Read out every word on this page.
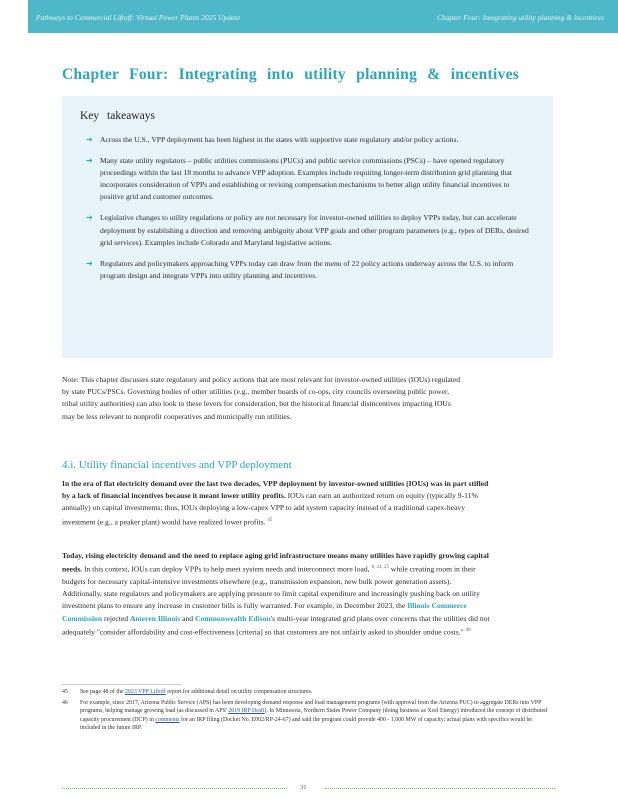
Pathways to Commercial Liftoff: Virtual Power Plants 2025 Update	Chapter Four: Integrating utility planning & incentives
Chapter Four: Integrating into utility planning & incentives
Key takeaways
➔ Across the U.S., VPP deployment has been highest in the states with supportive state regulatory and/or policy actions.
➔ Many state utility regulators – public utilities commissions (PUCs) and public service commissions (PSCs) – have opened regulatory proceedings within the last 18 months to advance VPP adoption. Examples include requiring longer-term distribution grid planning that incorporates consideration of VPPs and establishing or revising compensation mechanisms to better align utility financial incentives to positive grid and customer outcomes.
➔ Legislative changes to utility regulations or policy are not necessary for investor-owned utilities to deploy VPPs today, but can accelerate deployment by establishing a direction and removing ambiguity about VPP goals and other program parameters (e.g., types of DERs, desired grid services). Examples include Colorado and Maryland legislative actions.
➔ Regulators and policymakers approaching VPPs today can draw from the menu of 22 policy actions underway across the U.S. to inform program design and integrate VPPs into utility planning and incentives.
Note: This chapter discusses state regulatory and policy actions that are most relevant for investor-owned utilities (IOUs) regulated by state PUCs/PSCs. Governing bodies of other utilities (e.g., member boards of co-ops, city councils overseeing public power, tribal utility authorities) can also look to these levers for consideration, but the historical financial disincentives impacting IOUs may be less relevant to nonprofit cooperatives and municipally run utilities.
4.i. Utility financial incentives and VPP deployment
In the era of flat electricity demand over the last two decades, VPP deployment by investor-owned utilities (IOUs) was in part stifled by a lack of financial incentives because it meant lower utility profits. IOUs can earn an authorized return on equity (typically 9-11% annually) on capital investments; thus, IOUs deploying a low-capex VPP to add system capacity instead of a traditional capex-heavy investment (e.g., a peaker plant) would have realized lower profits. $^{45}$
Today, rising electricity demand and the need to replace aging grid infrastructure means many utilities have rapidly growing capital needs. In this context, IOUs can deploy VPPs to help meet system needs and interconnect more load, $^{8, 24, 25}$ while creating room in their budgets for necessary capital-intensive investments elsewhere (e.g., transmission expansion, new bulk power generation assets). Additionally, state regulators and policymakers are applying pressure to limit capital expenditure and increasingly pushing back on utility investment plans to ensure any increase in customer bills is fully warranted. For example, in December 2023, the Illinois Commerce Commission rejected Ameren Illinois and Commonwealth Edison's multi-year integrated grid plans over concerns that the utilities did not adequately "consider affordability and cost-effectiveness [criteria] so that customers are not unfairly asked to shoulder undue costs." $^{46}$
45 See page 48 of the 2023 VPP Liftoff report for additional detail on utility compensation structures.
46 For example, since 2017, Arizona Public Service (APS) has been developing demand response and load management programs (with approval from the Arizona PUC) to aggregate DERs into VPP programs, helping manage growing load (as discussed in APS' 2019 IRP Draft). In Minnesota, Northern States Power Company (doing business as Xcel Energy) introduced the concept of distributed capacity procurement (DCP) in comments for an IRP filing (Docket No. E002/RP-24-67) and said the program could provide 400 - 1,000 MW of capacity; actual plans with specifics would be included in the future IRP.
31
